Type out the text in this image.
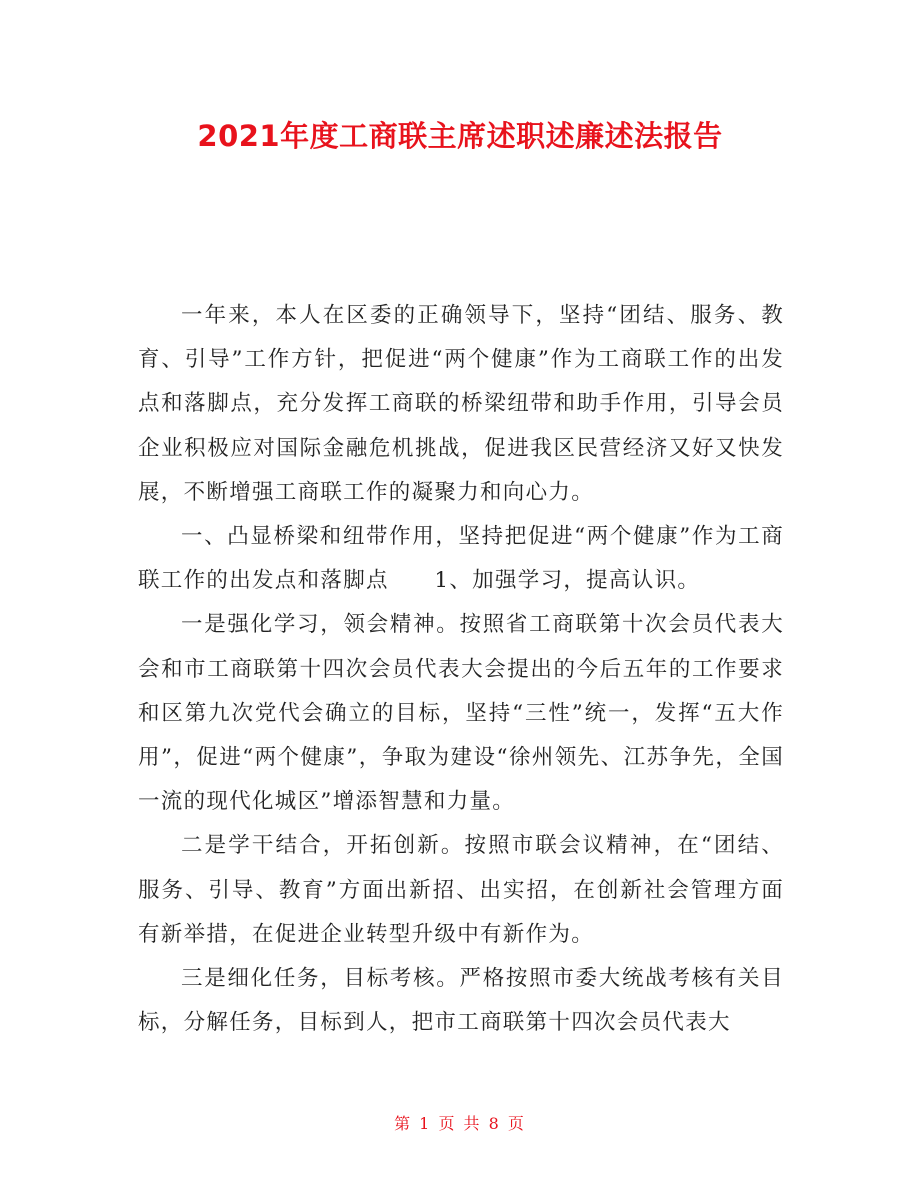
2021年度工商联主席述职述廉述法报告

一年来，本人在区委的正确领导下，坚持“团结、服务、教育、引导”工作方针，把促进“两个健康”作为工商联工作的出发点和落脚点，充分发挥工商联的桥梁纽带和助手作用，引导会员企业积极应对国际金融危机挑战，促进我区民营经济又好又快发展，不断增强工商联工作的凝聚力和向心力。

一、凸显桥梁和纽带作用，坚持把促进“两个健康”作为工商联工作的出发点和落脚点　　1、加强学习，提高认识。

一是强化学习，领会精神。按照省工商联第十次会员代表大会和市工商联第十四次会员代表大会提出的今后五年的工作要求和区第九次党代会确立的目标，坚持“三性”统一，发挥“五大作用”，促进“两个健康”，争取为建设“徐州领先、江苏争先，全国一流的现代化城区”增添智慧和力量。

二是学干结合，开拓创新。按照市联会议精神，在“团结、服务、引导、教育”方面出新招、出实招，在创新社会管理方面有新举措，在促进企业转型升级中有新作为。

三是细化任务，目标考核。严格按照市委大统战考核有关目标，分解任务，目标到人，把市工商联第十四次会员代表大

第 1 页 共 8 页
